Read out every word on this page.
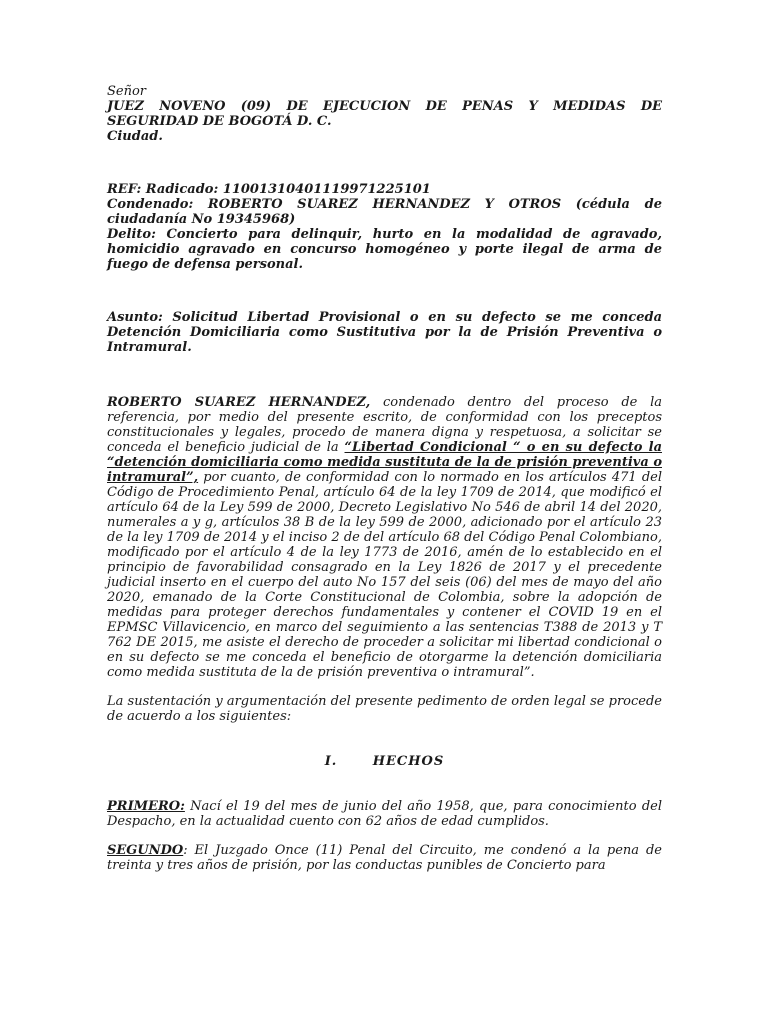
Señor
JUEZ NOVENO (09) DE EJECUCION DE PENAS Y MEDIDAS DE
SEGURIDAD DE BOGOTÁ D. C.
Ciudad.
REF: Radicado: 11001310401119971225101
Condenado: ROBERTO SUAREZ HERNANDEZ Y OTROS (cédula de ciudadanía No 19345968)
Delito: Concierto para delinquir, hurto en la modalidad de agravado, homicidio agravado en concurso homogéneo y porte ilegal de arma de fuego de defensa personal.

Asunto: Solicitud Libertad Provisional o en su defecto se me conceda Detención Domiciliaria como Sustitutiva por la de Prisión Preventiva o Intramural.

ROBERTO SUAREZ HERNANDEZ, condenado dentro del proceso de la referencia, por medio del presente escrito, de conformidad con los preceptos constitucionales y legales, procedo de manera digna y respetuosa, a solicitar se conceda el beneficio judicial de la “Libertad Condicional “ o en su defecto la “detención domiciliaria como medida sustituta de la de prisión preventiva o intramural”, por cuanto, de conformidad con lo normado en los artículos 471 del Código de Procedimiento Penal, artículo 64 de la ley 1709 de 2014, que modificó el artículo 64 de la Ley 599 de 2000, Decreto Legislativo No 546 de abril 14 del 2020, numerales a y g, artículos 38 B de la ley 599 de 2000, adicionado por el artículo 23 de la ley 1709 de 2014 y el inciso 2 de del artículo 68 del Código Penal Colombiano, modificado por el artículo 4 de la ley 1773 de 2016, amén de lo establecido en el principio de favorabilidad consagrado en la Ley 1826 de 2017 y el precedente judicial inserto en el cuerpo del auto No 157 del seis (06) del mes de mayo del año 2020, emanado de la Corte Constitucional de Colombia, sobre la adopción de medidas para proteger derechos fundamentales y contener el COVID 19 en el EPMSC Villavicencio, en marco del seguimiento a las sentencias T388 de 2013 y T 762 DE 2015, me asiste el derecho de proceder a solicitar mi libertad condicional o en su defecto se me conceda el beneficio de otorgarme la detención domiciliaria como medida sustituta de la de prisión preventiva o intramural”.

La sustentación y argumentación del presente pedimento de orden legal se procede de acuerdo a los siguientes:

I.	HECHOS

PRIMERO: Nací el 19 del mes de junio del año 1958, que, para conocimiento del Despacho, en la actualidad cuento con 62 años de edad cumplidos.

SEGUNDO: El Juzgado Once (11) Penal del Circuito, me condenó a la pena de treinta y tres años de prisión, por las conductas punibles de Concierto para
